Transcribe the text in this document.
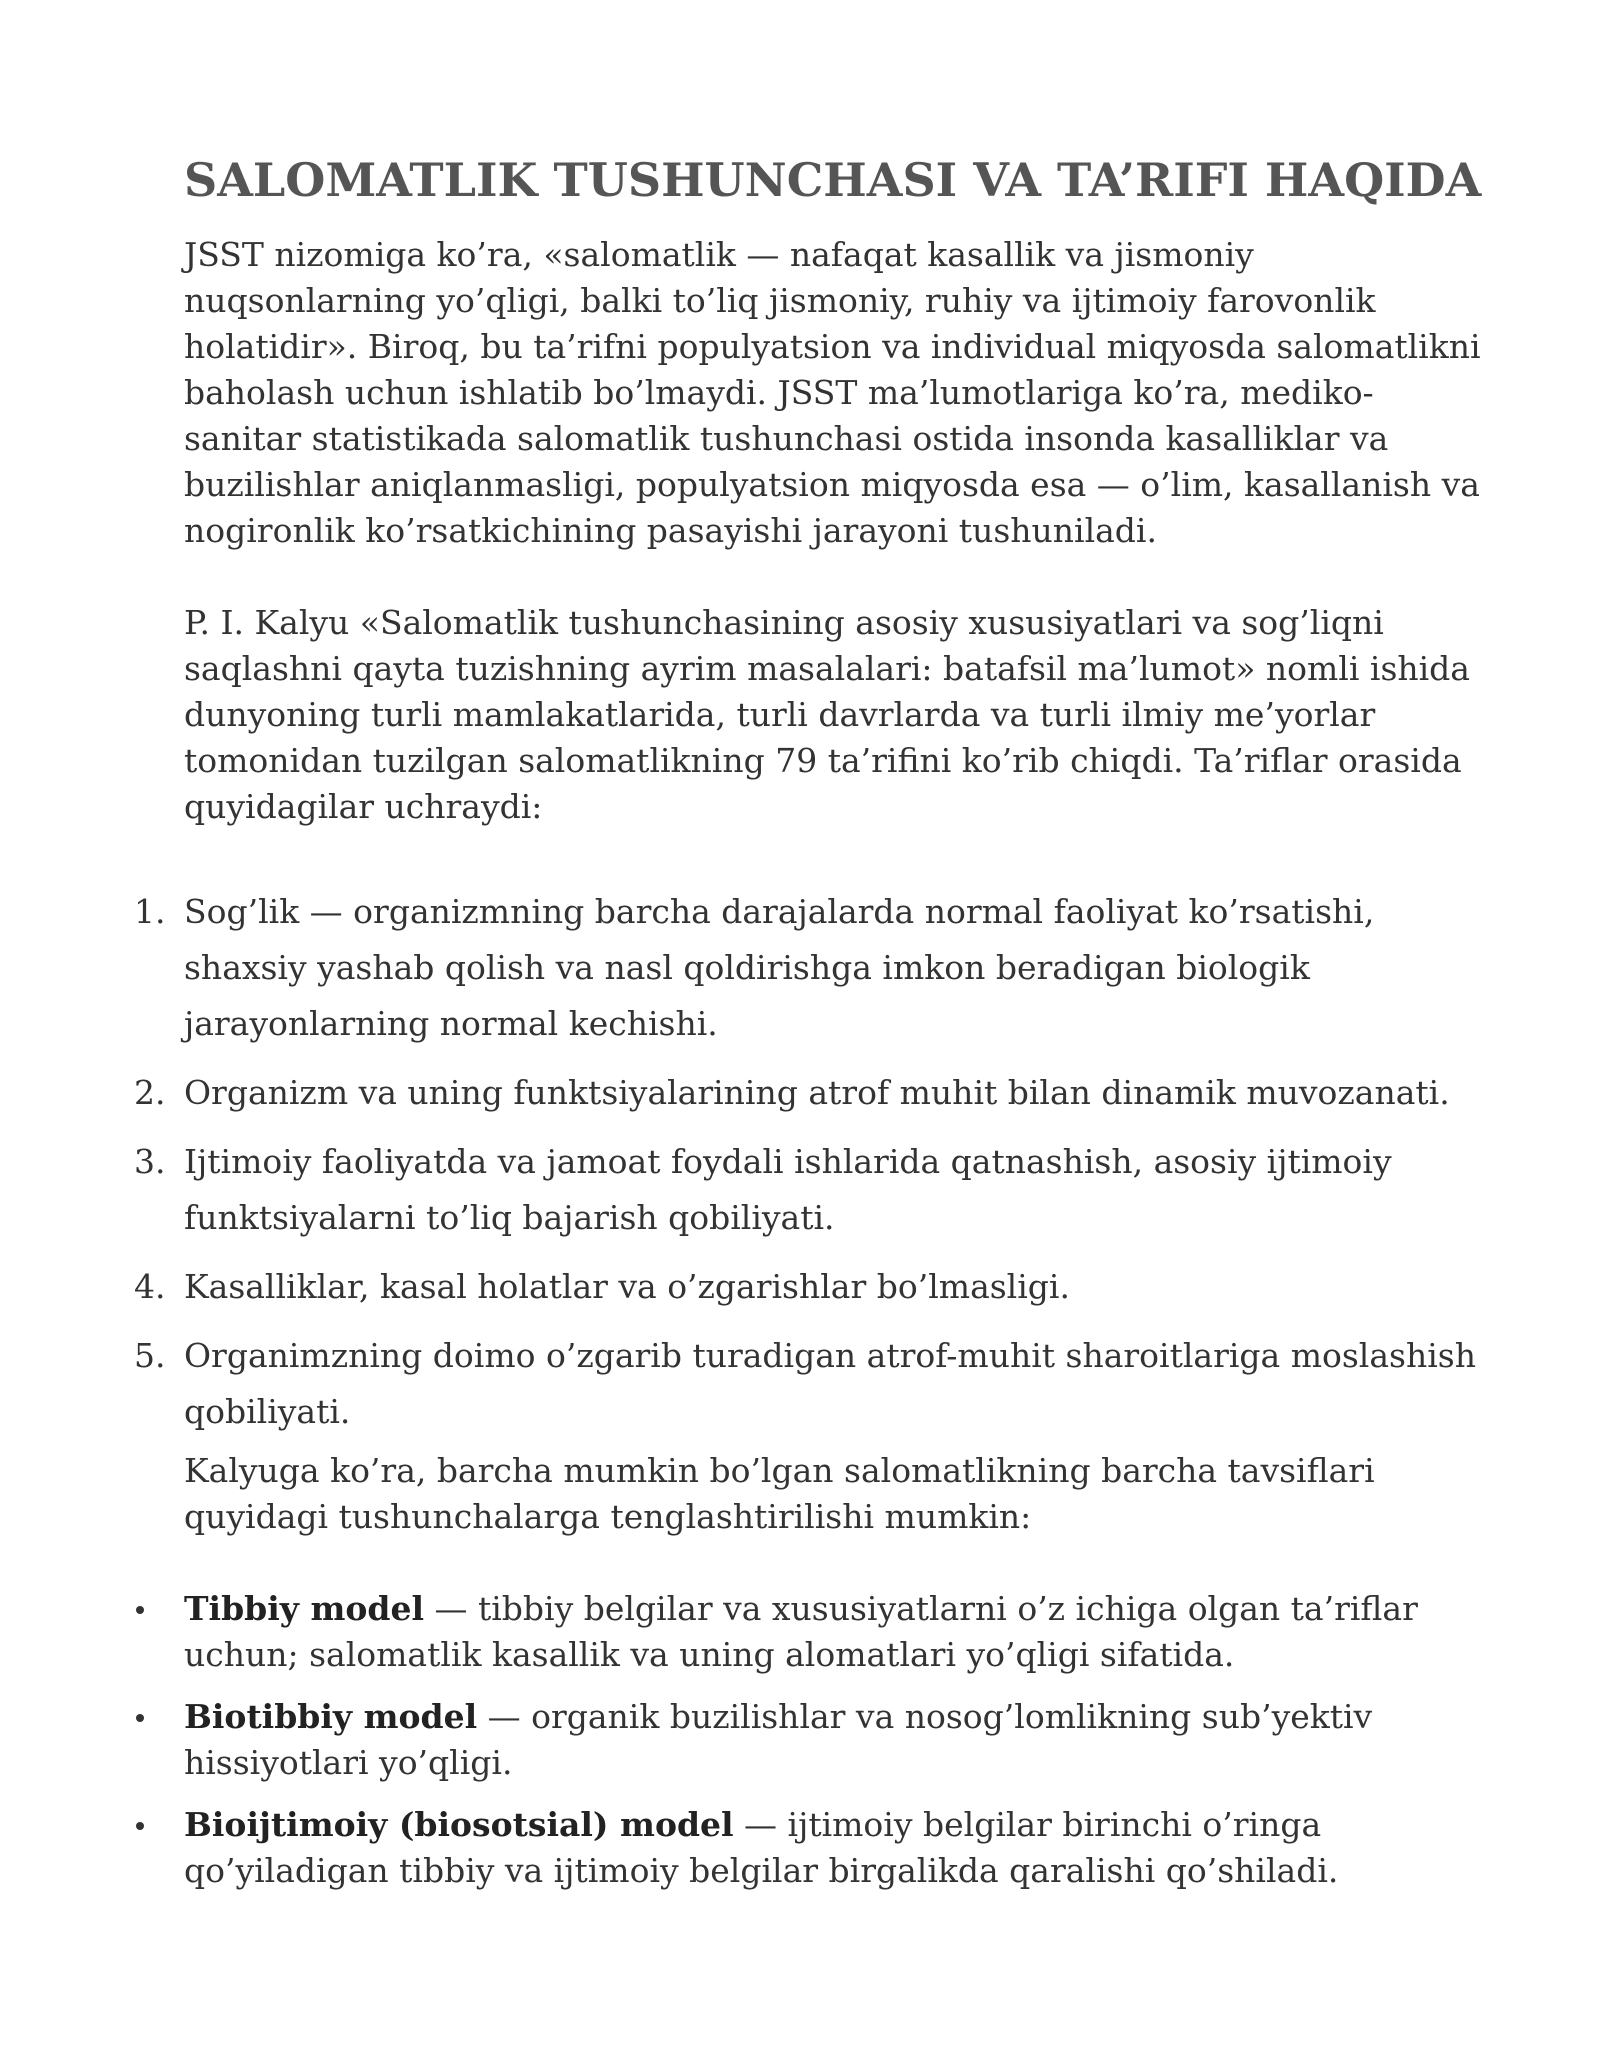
SALOMATLIK TUSHUNCHASI VA TA’RIFI HAQIDA

JSST nizomiga ko’ra, «salomatlik — nafaqat kasallik va jismoniy nuqsonlarning yo’qligi, balki to’liq jismoniy, ruhiy va ijtimoiy farovonlik holatidir». Biroq, bu ta’rifni populyatsion va individual miqyosda salomatlikni baholash uchun ishlatib bo’lmaydi. JSST ma’lumotlariga ko’ra, mediko-sanitar statistikada salomatlik tushunchasi ostida insonda kasalliklar va buzilishlar aniqlanmasligi, populyatsion miqyosda esa — o’lim, kasallanish va nogironlik ko’rsatkichining pasayishi jarayoni tushuniladi.

P. I. Kalyu «Salomatlik tushunchasining asosiy xususiyatlari va sog’liqni saqlashni qayta tuzishning ayrim masalalari: batafsil ma’lumot» nomli ishida dunyoning turli mamlakatlarida, turli davrlarda va turli ilmiy me’yorlar tomonidan tuzilgan salomatlikning 79 ta’rifini ko’rib chiqdi. Ta’riflar orasida quyidagilar uchraydi:

1. Sog’lik — organizmning barcha darajalarda normal faoliyat ko’rsatishi, shaxsiy yashab qolish va nasl qoldirishga imkon beradigan biologik jarayonlarning normal kechishi.
2. Organizm va uning funktsiyalarining atrof muhit bilan dinamik muvozanati.
3. Ijtimoiy faoliyatda va jamoat foydali ishlarida qatnashish, asosiy ijtimoiy funktsiyalarni to’liq bajarish qobiliyati.
4. Kasalliklar, kasal holatlar va o’zgarishlar bo’lmasligi.
5. Organimzning doimo o’zgarib turadigan atrof-muhit sharoitlariga moslashish qobiliyati.

Kalyuga ko’ra, barcha mumkin bo’lgan salomatlikning barcha tavsiflari quyidagi tushunchalarga tenglashtirilishi mumkin:

Tibbiy model — tibbiy belgilar va xususiyatlarni o’z ichiga olgan ta’riflar uchun; salomatlik kasallik va uning alomatlari yo’qligi sifatida.
Biotibbiy model — organik buzilishlar va nosog’lomlikning sub’yektiv hissiyotlari yo’qligi.
Bioijtimoiy (biosotsial) model — ijtimoiy belgilar birinchi o’ringa qo’yiladigan tibbiy va ijtimoiy belgilar birgalikda qaralishi qo’shiladi.
